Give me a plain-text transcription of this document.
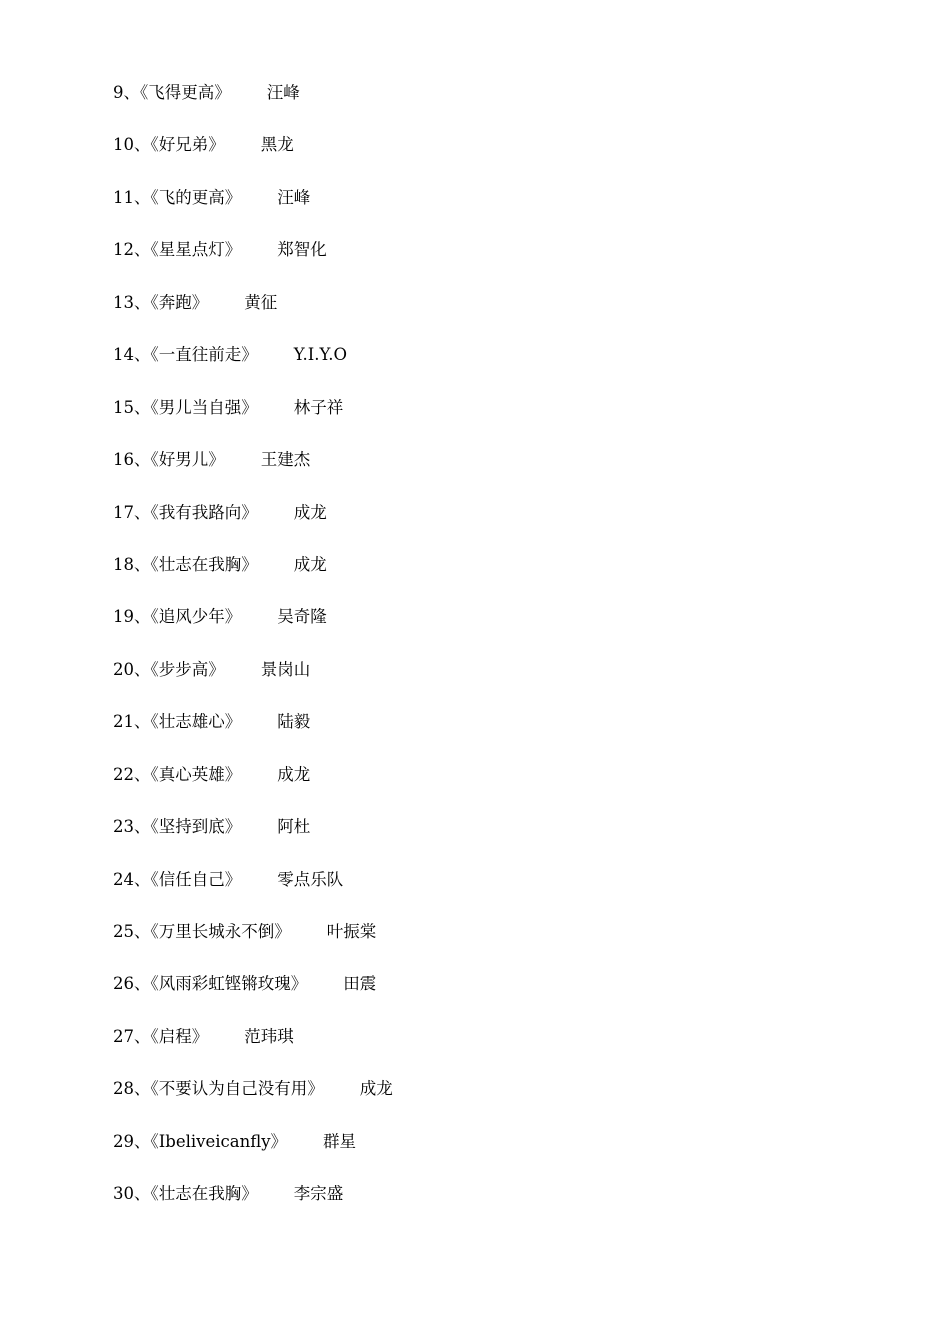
9、《飞得更高》 汪峰
10、《好兄弟》 黑龙
11、《飞的更高》 汪峰
12、《星星点灯》 郑智化
13、《奔跑》 黄征
14、《一直往前走》 Y.I.Y.O
15、《男儿当自强》 林子祥
16、《好男儿》 王建杰
17、《我有我路向》 成龙
18、《壮志在我胸》 成龙
19、《追风少年》 吴奇隆
20、《步步高》 景岗山
21、《壮志雄心》 陆毅
22、《真心英雄》 成龙
23、《坚持到底》 阿杜
24、《信任自己》 零点乐队
25、《万里长城永不倒》 叶振棠
26、《风雨彩虹铿锵玫瑰》 田震
27、《启程》 范玮琪
28、《不要认为自己没有用》 成龙
29、《Ibeliveicanfly》 群星
30、《壮志在我胸》 李宗盛
